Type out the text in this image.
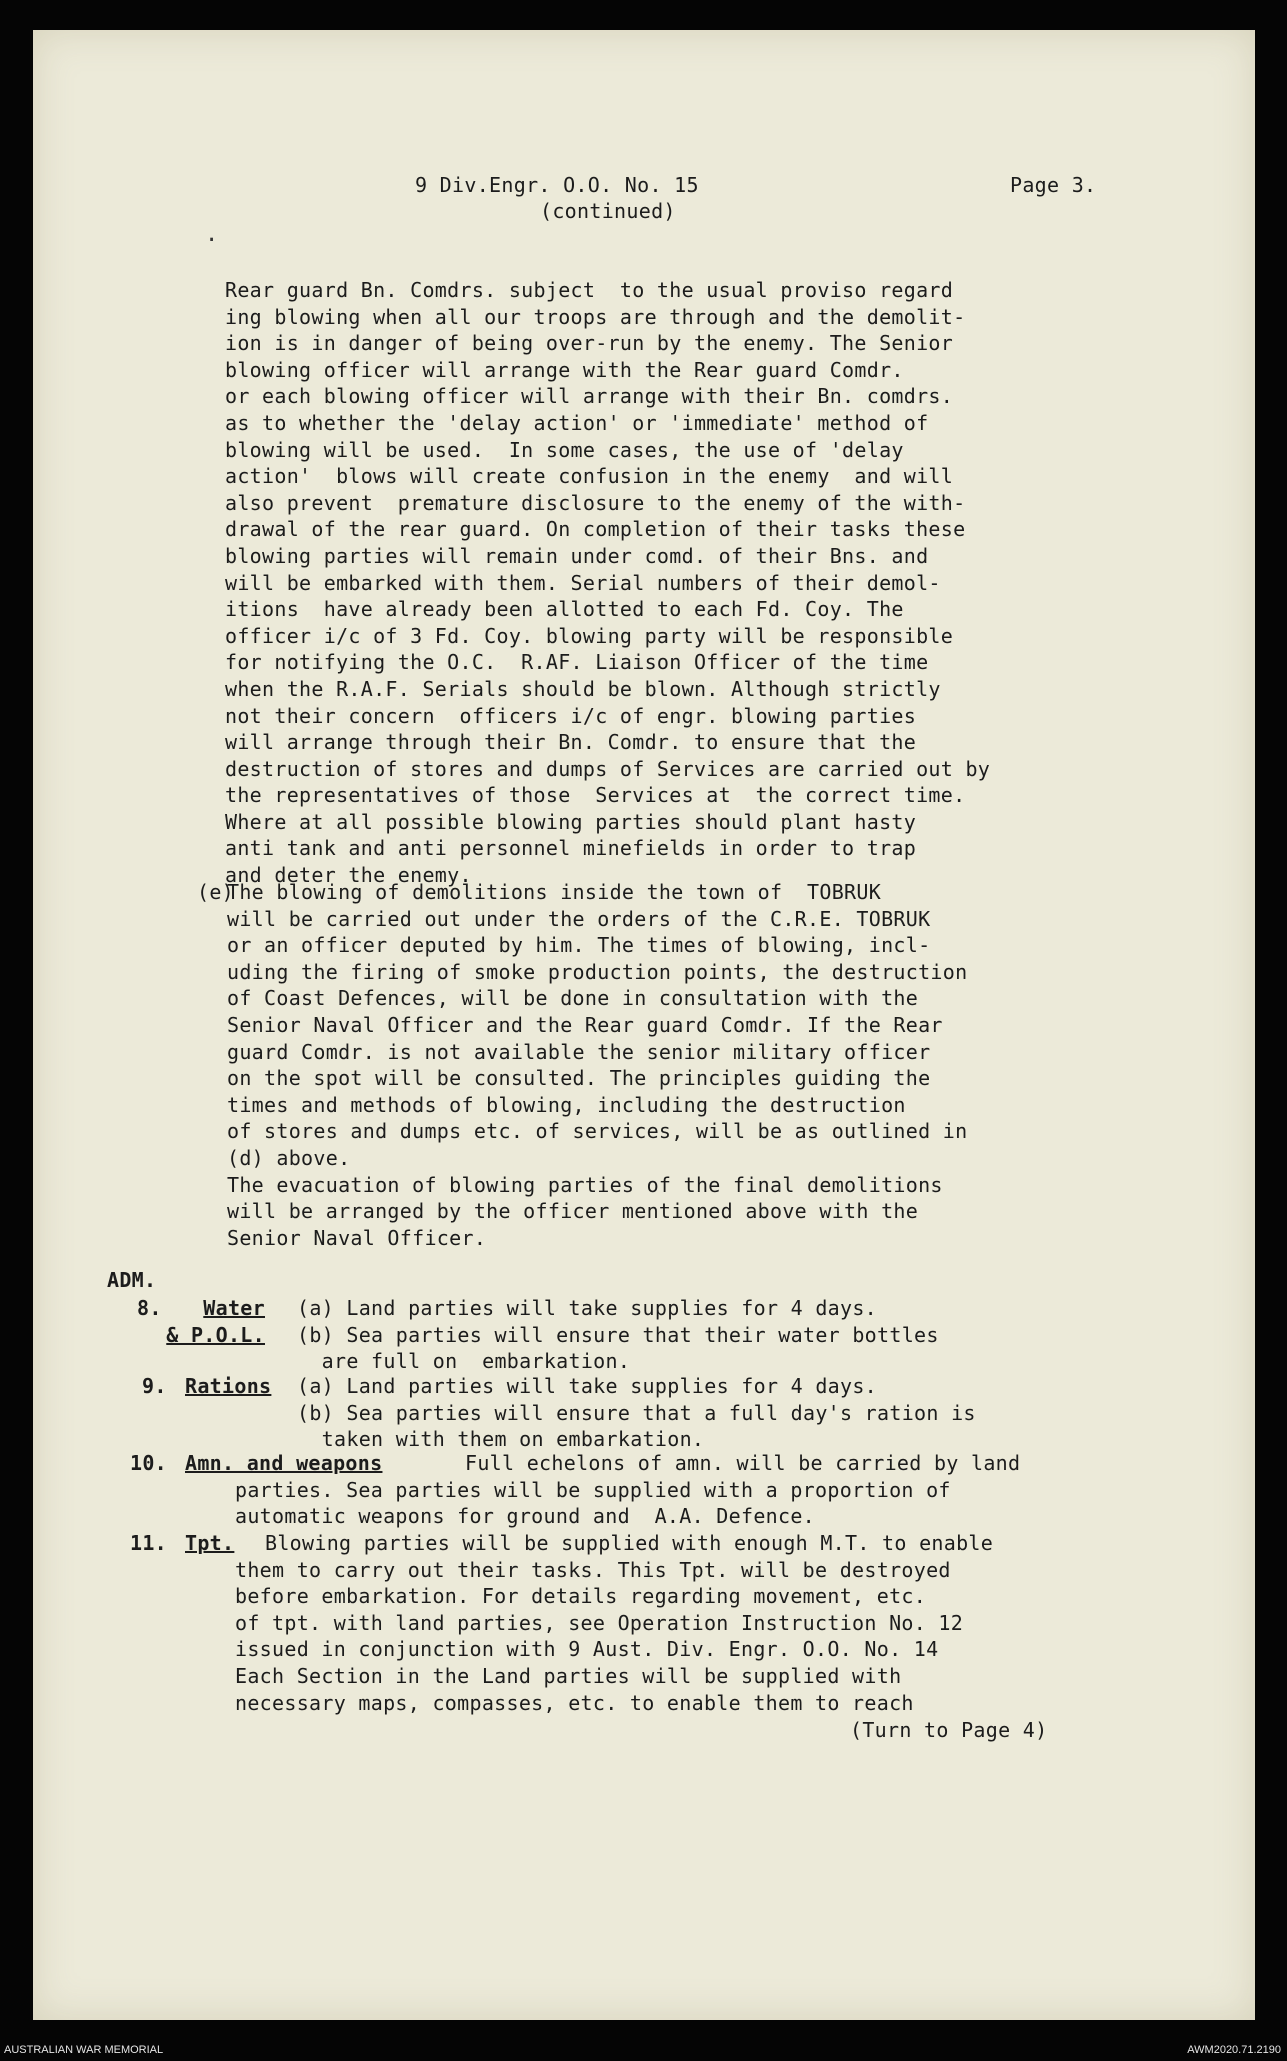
·
9 Div.Engr. O.O. No. 15
(continued)
Page 3.
Rear guard Bn. Comdrs. subject  to the usual proviso regard
ing blowing when all our troops are through and the demolit-
ion is in danger of being over-run by the enemy. The Senior
blowing officer will arrange with the Rear guard Comdr.
or each blowing officer will arrange with their Bn. comdrs.
as to whether the 'delay action' or 'immediate' method of
blowing will be used.  In some cases, the use of 'delay
action'  blows will create confusion in the enemy  and will
also prevent  premature disclosure to the enemy of the with-
drawal of the rear guard. On completion of their tasks these
blowing parties will remain under comd. of their Bns. and
will be embarked with them. Serial numbers of their demol-
itions  have already been allotted to each Fd. Coy. The
officer i/c of 3 Fd. Coy. blowing party will be responsible
for notifying the O.C.  R.AF. Liaison Officer of the time
when the R.A.F. Serials should be blown. Although strictly
not their concern  officers i/c of engr. blowing parties
will arrange through their Bn. Comdr. to ensure that the
destruction of stores and dumps of Services are carried out by
the representatives of those  Services at  the correct time.
Where at all possible blowing parties should plant hasty
anti tank and anti personnel minefields in order to trap
and deter the enemy.
(e)
The blowing of demolitions inside the town of  TOBRUK
will be carried out under the orders of the C.R.E. TOBRUK
or an officer deputed by him. The times of blowing, incl-
uding the firing of smoke production points, the destruction
of Coast Defences, will be done in consultation with the
Senior Naval Officer and the Rear guard Comdr. If the Rear
guard Comdr. is not available the senior military officer
on the spot will be consulted. The principles guiding the
times and methods of blowing, including the destruction
of stores and dumps etc. of services, will be as outlined in
(d) above.
The evacuation of blowing parties of the final demolitions
will be arranged by the officer mentioned above with the
Senior Naval Officer.
ADM.
8.	Water
& P.O.L.
(a) Land parties will take supplies for 4 days.
(b) Sea parties will ensure that their water bottles
are full on  embarkation.
9. Rations (a) Land parties will take supplies for 4 days.
(b) Sea parties will ensure that a full day's ration is
taken with them on embarkation.
10. Amn. and weapons	Full echelons of amn. will be carried by land
parties. Sea parties will be supplied with a proportion of
automatic weapons for ground and  A.A. Defence.
11. Tpt.	Blowing parties will be supplied with enough M.T. to enable
them to carry out their tasks. This Tpt. will be destroyed
before embarkation. For details regarding movement, etc.
of tpt. with land parties, see Operation Instruction No. 12
issued in conjunction with 9 Aust. Div. Engr. O.O. No. 14
Each Section in the Land parties will be supplied with
necessary maps, compasses, etc. to enable them to reach
(Turn to Page 4)
AUSTRALIAN WAR MEMORIAL	AWM2020.71.2190
